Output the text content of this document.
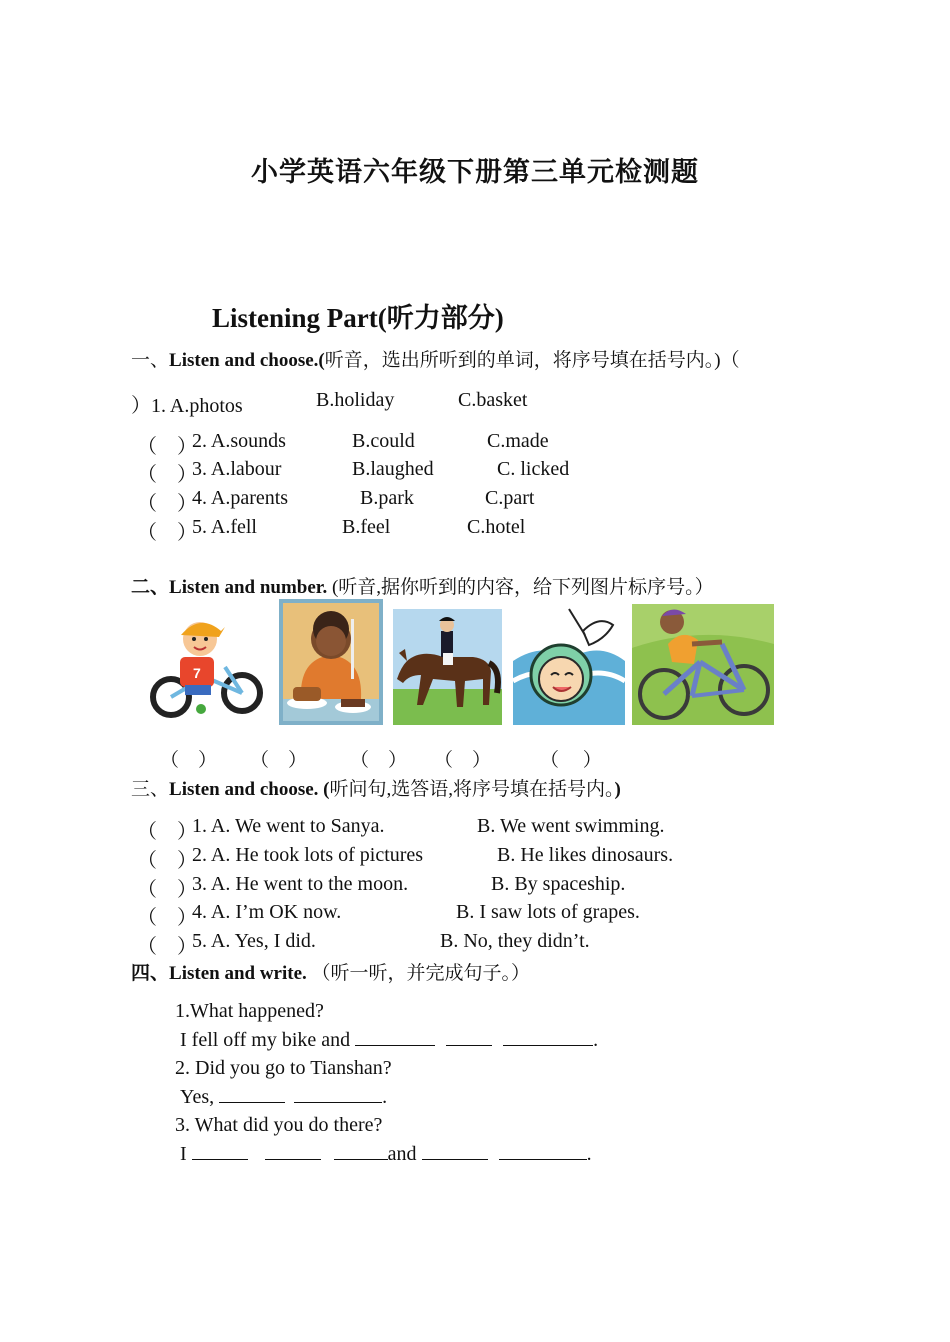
小学英语六年级下册第三单元检测题
Listening Part(听力部分)
一、Listen and choose.(听音，选出所听到的单词，将序号填在括号内。)（
）1. A.photos	B.holiday	C.basket
（　）
2. A.sounds	B.could	C.made
（　）
3. A.labour	B.laughed	C. licked
（　）
4. A.parents	B.park	C.part
（　）
5. A.fell	B.feel	C.hotel
二、Listen and number. (听音,据你听到的内容，给下列图片标序号。）
7
（　） （　） （　） （　）	（　 ）
三、Listen and choose. (听问句,选答语,将序号填在括号内。)
（　）
1. A. We went to Sanya.	B. We went swimming.
（　）
2. A. He took lots of pictures	B. He likes dinosaurs.
（　）
3. A. He went to the moon.	B. By spaceship.
（　）
4. A. I’m OK now.	B. I saw lots of grapes.
（　）
5. A. Yes, I did.	B. No, they didn’t.
四、Listen and write. （听一听，并完成句子。）
1.What happened?
I fell off my bike and	.
2. Did you go to Tianshan?
Yes,	.
3. What did you do there?
I	and	.
